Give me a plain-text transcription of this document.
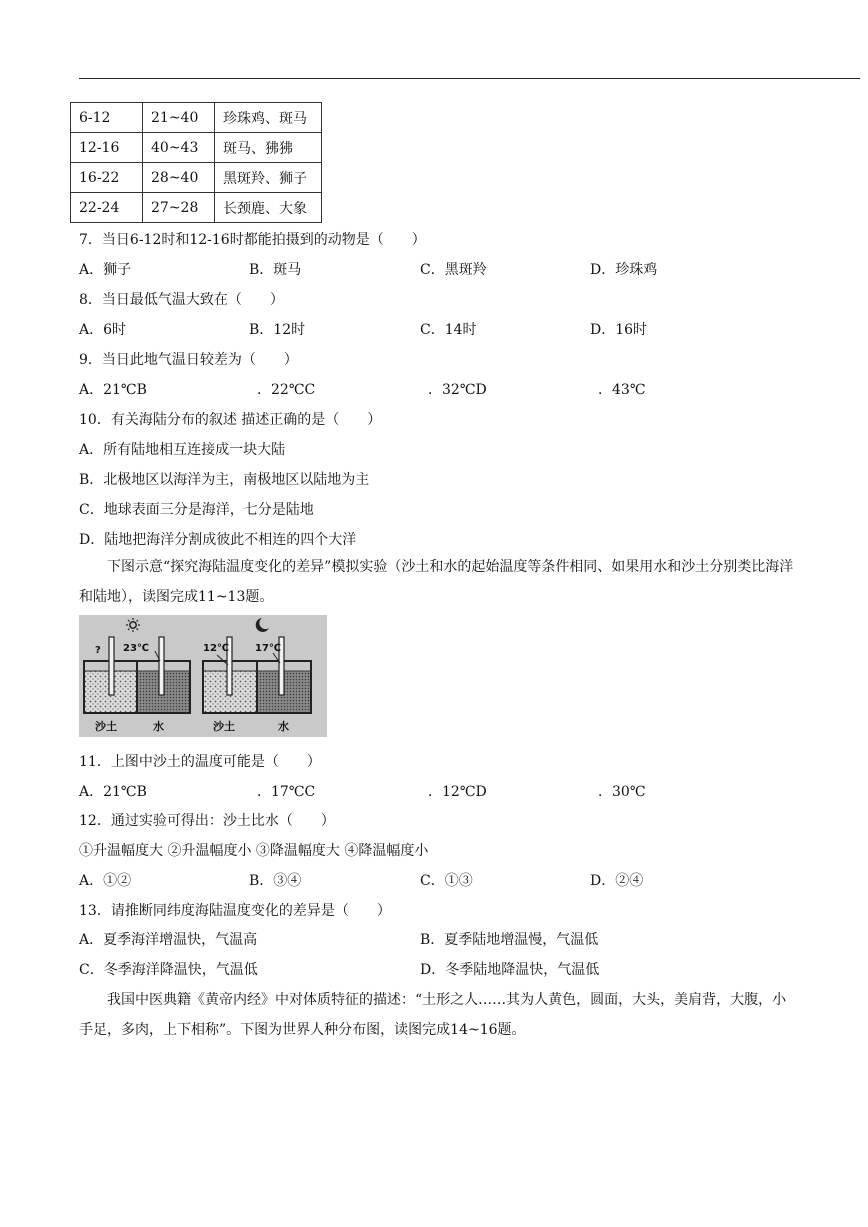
6-12	21~40	珍珠鸡、斑马
12-16	40~43	斑马、狒狒
16-22	28~40	黑斑羚、狮子
22-24	27~28	长颈鹿、大象
7．当日6-12时和12-16时都能拍摄到的动物是（　　）
A．狮子	B．斑马	C．黑斑羚	D．珍珠鸡
8．当日最低气温大致在（　　）
A．6时	B．12时	C．14时	D．16时
9．当日此地气温日较差为（　　）
A．21℃B	．22℃C	．32℃D	．43℃
10．有关海陆分布的叙述 描述正确的是（　　）
A．所有陆地相互连接成一块大陆
B．北极地区以海洋为主，南极地区以陆地为主
C．地球表面三分是海洋，七分是陆地
D．陆地把海洋分割成彼此不相连的四个大洋
下图示意“探究海陆温度变化的差异”模拟实验（沙土和水的起始温度等条件相同、如果用水和沙土分别类比海洋和陆地），读图完成11~13题。
? 23℃
沙土	水
12℃	17℃
沙土	水
11．上图中沙土的温度可能是（　　）
A．21℃B	．17℃C	．12℃D	．30℃
12．通过实验可得出：沙土比水（　　）
①升温幅度大 ②升温幅度小 ③降温幅度大 ④降温幅度小
A．①②	B．③④	C．①③	D．②④
13．请推断同纬度海陆温度变化的差异是（　　）
A．夏季海洋增温快，气温高	B．夏季陆地增温慢，气温低
C．冬季海洋降温快，气温低	D．冬季陆地降温快，气温低
我国中医典籍《黄帝内经》中对体质特征的描述：“土形之人……其为人黄色，圆面，大头，美肩背，大腹，小手足，多肉，上下相称”。下图为世界人种分布图，读图完成14~16题。
